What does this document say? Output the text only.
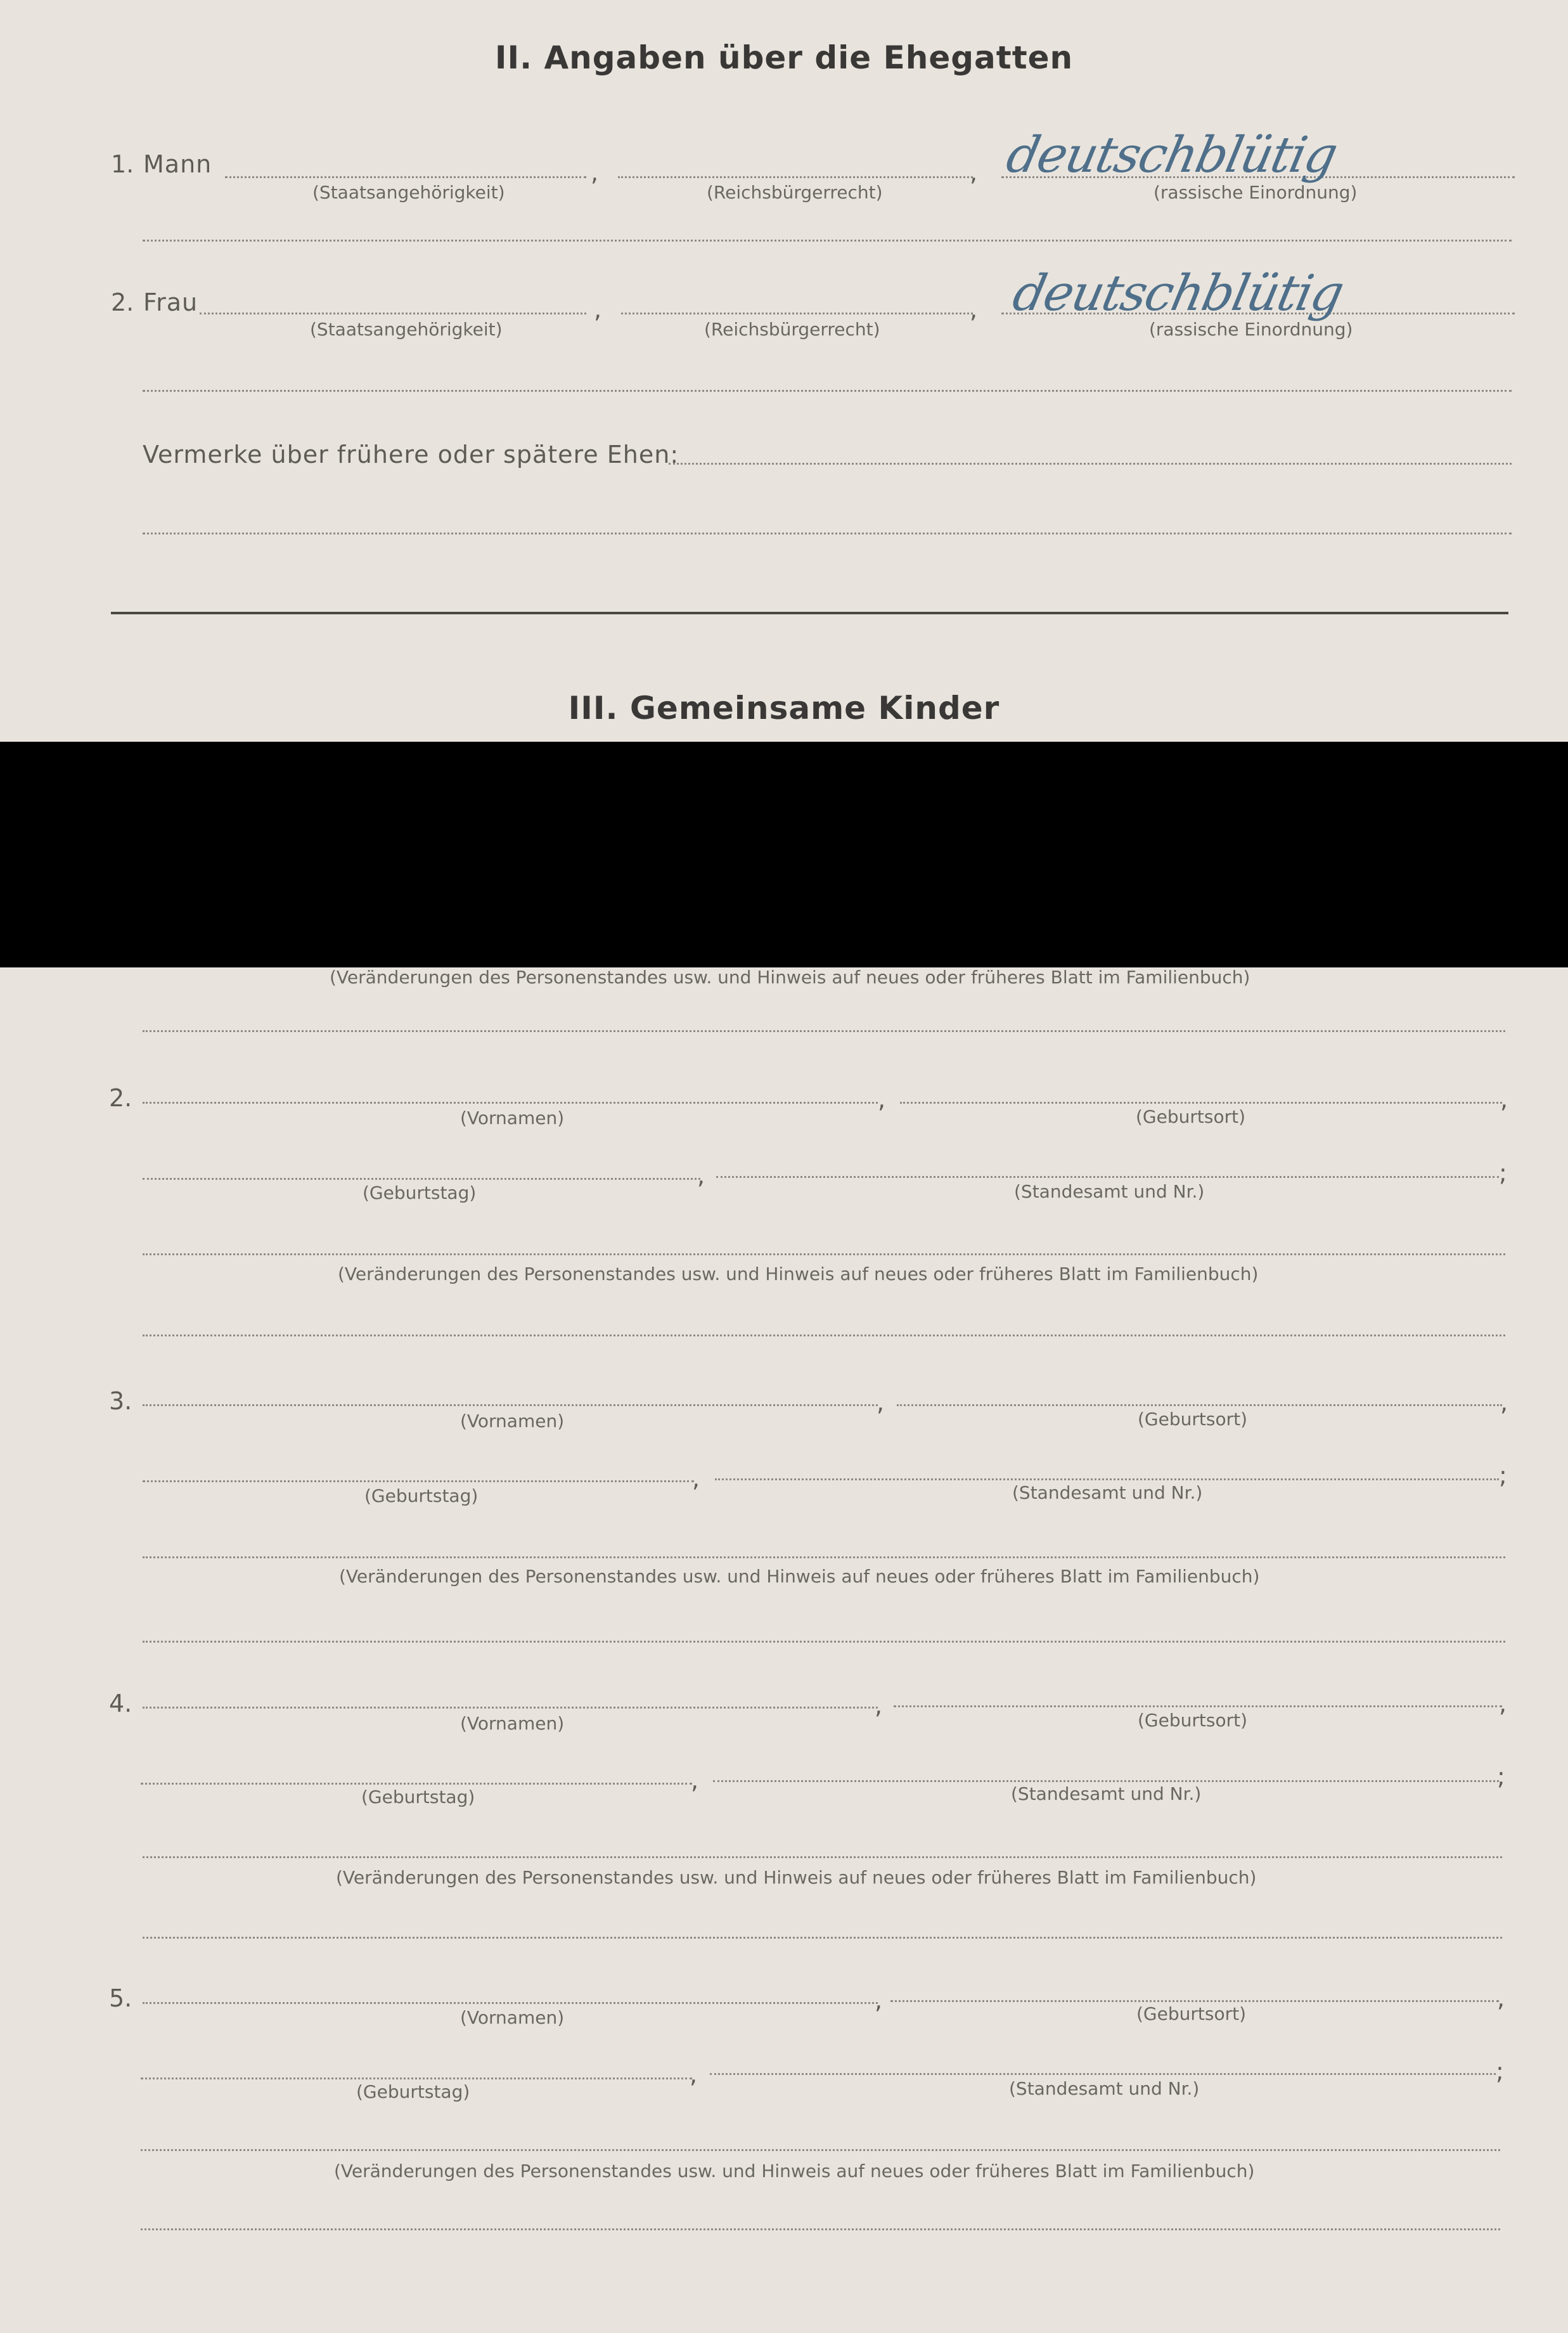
II. Angaben über die Ehegatten
1. Mann	,	, deutschblütig
(Staatsangehörigkeit)	(Reichsbürgerrecht)	(rassische Einordnung)
2. Frau	,	, deutschblütig
(Staatsangehörigkeit)	(Reichsbürgerrecht)	(rassische Einordnung)
Vermerke über frühere oder spätere Ehen:
III. Gemeinsame Kinder
(Veränderungen des Personenstandes usw. und Hinweis auf neues oder früheres Blatt im Familienbuch)
2.	,	,
(Vornamen)	(Geburtsort)
,	;
(Geburtstag)	(Standesamt und Nr.)
(Veränderungen des Personenstandes usw. und Hinweis auf neues oder früheres Blatt im Familienbuch)
3.	,	,
(Vornamen)	(Geburtsort)
,	;
(Geburtstag)	(Standesamt und Nr.)
(Veränderungen des Personenstandes usw. und Hinweis auf neues oder früheres Blatt im Familienbuch)
4.	,	,
(Vornamen)	(Geburtsort)
,	;
(Geburtstag)	(Standesamt und Nr.)
(Veränderungen des Personenstandes usw. und Hinweis auf neues oder früheres Blatt im Familienbuch)
5.	,	,
(Vornamen)	(Geburtsort)
,	;
(Geburtstag)	(Standesamt und Nr.)
(Veränderungen des Personenstandes usw. und Hinweis auf neues oder früheres Blatt im Familienbuch)
